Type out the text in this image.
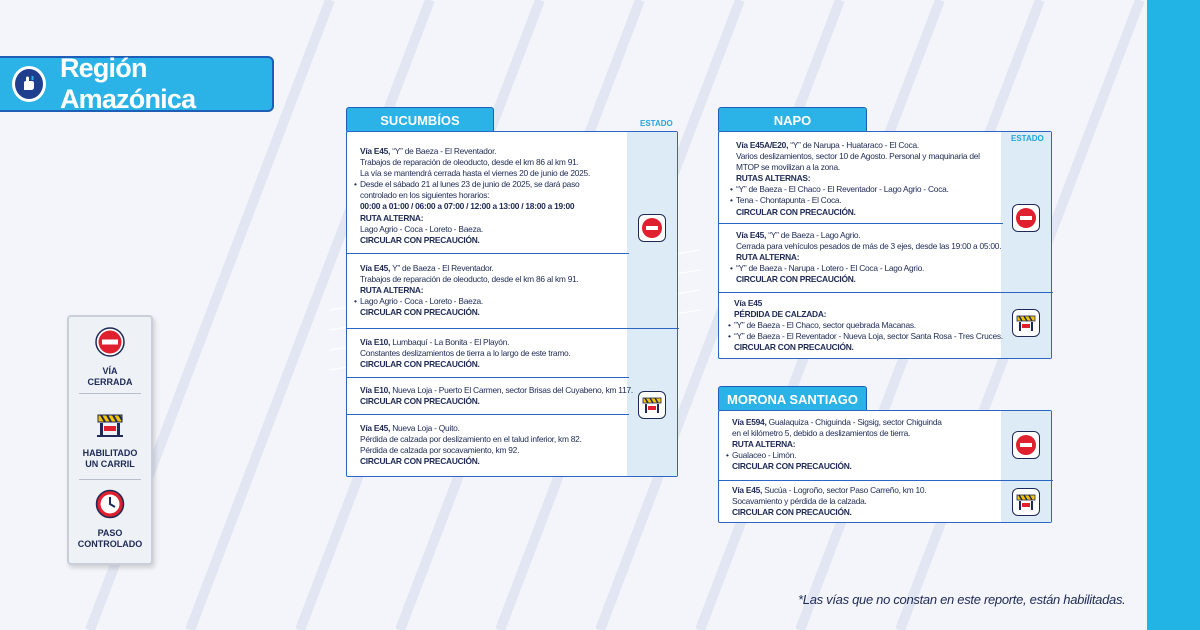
Región Amazónica
VÍA
CERRADA
HABILITADO
UN CARRIL
PASO
CONTROLADO
SUCUMBÍOS	ESTADO
Vía E45, “Y” de Baeza - El Reventador.
Trabajos de reparación de oleoducto, desde el km 86 al km 91.
La vía se mantendrá cerrada hasta el viernes 20 de junio de 2025.
• Desde el sábado 21 al lunes 23 de junio de 2025, se dará paso
controlado en los siguientes horarios:
00:00 a 01:00 / 06:00 a 07:00 / 12:00 a 13:00 / 18:00 a 19:00
RUTA ALTERNA:
Lago Agrio - Coca - Loreto - Baeza.
CIRCULAR CON PRECAUCIÓN.
Vía E45, Y” de Baeza - El Reventador.
Trabajos de reparación de oleoducto, desde el km 86 al km 91.
RUTA ALTERNA:
• Lago Agrio - Coca - Loreto - Baeza.
CIRCULAR CON PRECAUCIÓN.
Vía E10, Lumbaquí - La Bonita - El Playón.
Constantes deslizamientos de tierra a lo largo de este tramo.
CIRCULAR CON PRECAUCIÓN.
Vía E10, Nueva Loja - Puerto El Carmen, sector Brisas del Cuyabeno, km 117.
CIRCULAR CON PRECAUCIÓN.
Vía E45, Nueva Loja - Quito.
Pérdida de calzada por deslizamiento en el talud inferior, km 82.
Pérdida de calzada por socavamiento, km 92.
CIRCULAR CON PRECAUCIÓN.
NAPO
ESTADO
Vía E45A/E20, “Y” de Narupa - Huataraco - El Coca.
Varios deslizamientos, sector 10 de Agosto. Personal y maquinaria del
MTOP se movilizan a la zona.
RUTAS ALTERNAS:
• “Y” de Baeza - El Chaco - El Reventador - Lago Agrio - Coca.
• Tena - Chontapunta - El Coca.
CIRCULAR CON PRECAUCIÓN.
Vía E45, “Y” de Baeza - Lago Agrio.
Cerrada para vehículos pesados de más de 3 ejes, desde las 19:00 a 05:00.
RUTA ALTERNA:
• “Y” de Baeza - Narupa - Lotero - El Coca - Lago Agrio.
CIRCULAR CON PRECAUCIÓN.
Vía E45
PÉRDIDA DE CALZADA:
• ”Y” de Baeza - El Chaco, sector quebrada Macanas.
• “Y” de Baeza - El Reventador - Nueva Loja, sector Santa Rosa - Tres Cruces.
CIRCULAR CON PRECAUCIÓN.
MORONA SANTIAGO
Vía E594, Gualaquiza - Chiguinda - Sigsig, sector Chiguinda
en el kilómetro 5, debido a deslizamientos de tierra.
RUTA ALTERNA:
• Gualaceo - Limón.
CIRCULAR CON PRECAUCIÓN.
Vía E45, Sucúa - Logroño, sector Paso Carreño, km 10.
Socavamiento y pérdida de la calzada.
CIRCULAR CON PRECAUCIÓN.
*Las vías que no constan en este reporte, están habilitadas.
